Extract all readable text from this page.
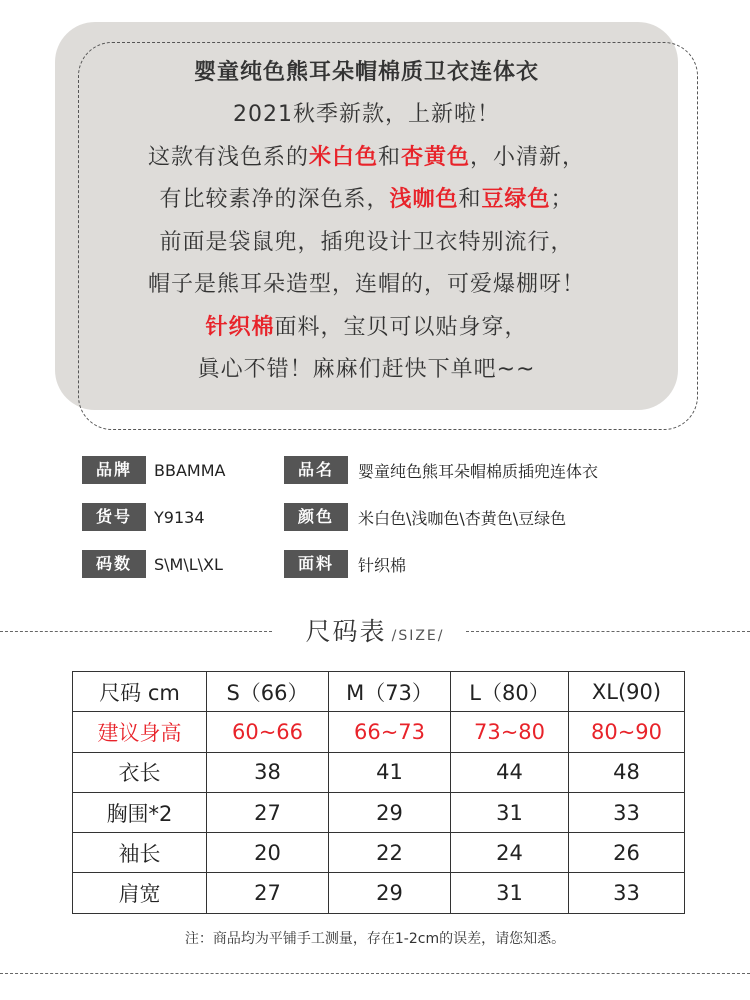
婴童纯色熊耳朵帽棉质卫衣连体衣
2021秋季新款，上新啦！
这款有浅色系的米白色和杏黄色，小清新，
有比较素净的深色系，浅咖色和豆绿色；
前面是袋鼠兜，插兜设计卫衣特别流行，
帽子是熊耳朵造型，连帽的，可爱爆棚呀！
针织棉面料，宝贝可以贴身穿，
眞心不错！麻麻们赶快下单吧~~
品牌	BBAMMA
货号	Y9134
码数	S\M\L\XL
品名	婴童纯色熊耳朵帽棉质插兜连体衣
颜色	米白色\浅咖色\杏黄色\豆绿色
面料	针织棉
尺码表 /SIZE/
尺码 cm	S（66）	M（73）	L（80）	XL(90)
建议身高	60~66	66~73	73~80	80~90
衣长	38	41	44	48
胸围*2	27	29	31	33
袖长	20	22	24	26
肩宽	27	29	31	33
注：商品均为平铺手工测量，存在1-2cm的误差，请您知悉。
